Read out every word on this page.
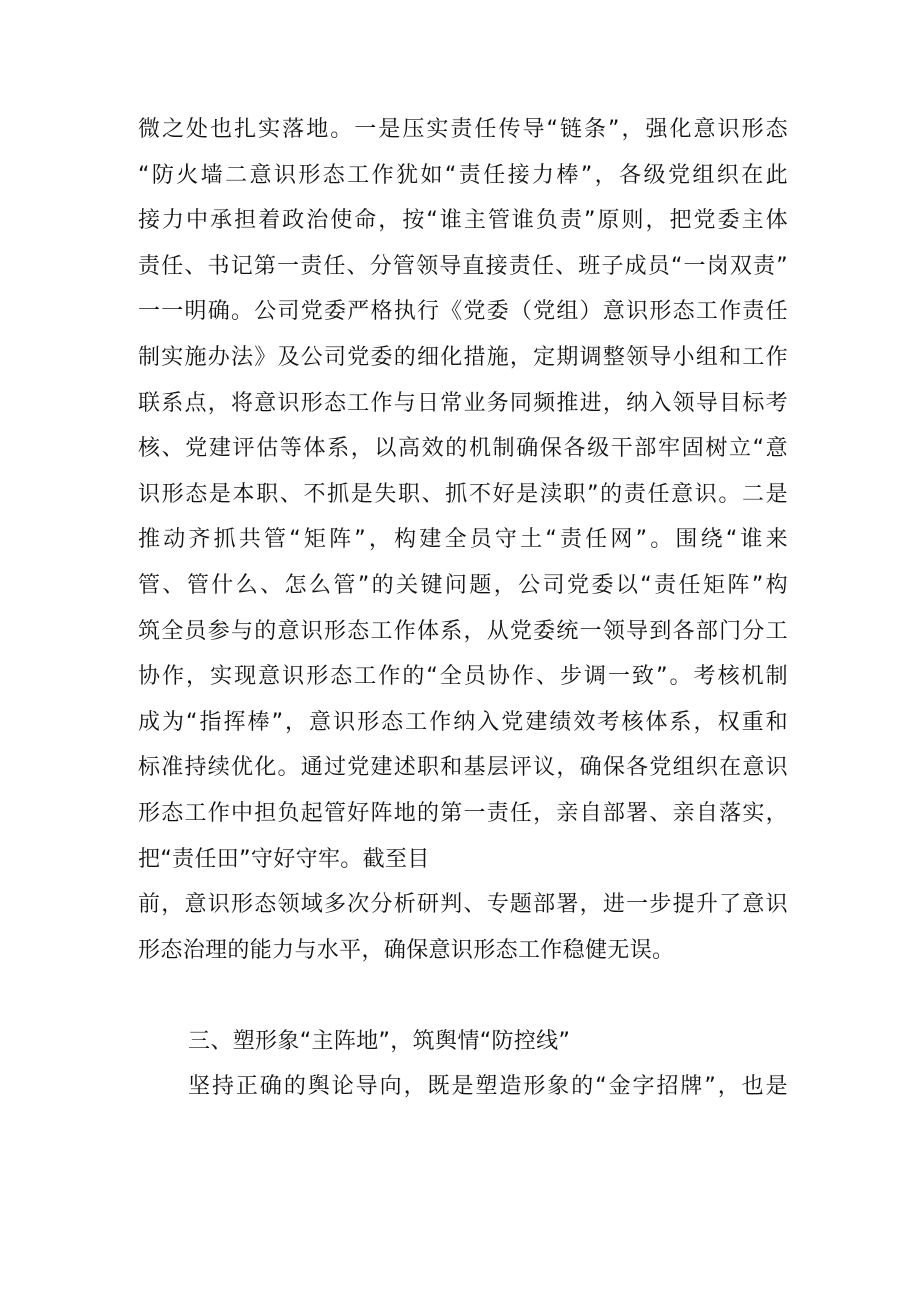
微之处也扎实落地。一是压实责任传导“链条”，强化意识形态
“防火墙二意识形态工作犹如“责任接力棒”，各级党组织在此
接力中承担着政治使命，按“谁主管谁负责”原则，把党委主体
责任、书记第一责任、分管领导直接责任、班子成员“一岗双责”
一一明确。公司党委严格执行《党委（党组）意识形态工作责任
制实施办法》及公司党委的细化措施，定期调整领导小组和工作
联系点，将意识形态工作与日常业务同频推进，纳入领导目标考
核、党建评估等体系，以高效的机制确保各级干部牢固树立“意
识形态是本职、不抓是失职、抓不好是渎职”的责任意识。二是
推动齐抓共管“矩阵”，构建全员守土“责任网”。围绕“谁来
管、管什么、怎么管”的关键问题，公司党委以“责任矩阵”构
筑全员参与的意识形态工作体系，从党委统一领导到各部门分工
协作，实现意识形态工作的“全员协作、步调一致”。考核机制
成为“指挥棒”，意识形态工作纳入党建绩效考核体系，权重和
标准持续优化。通过党建述职和基层评议，确保各党组织在意识
形态工作中担负起管好阵地的第一责任，亲自部署、亲自落实，
把“责任田”守好守牢。截至目
前，意识形态领域多次分析研判、专题部署，进一步提升了意识
形态治理的能力与水平，确保意识形态工作稳健无误。
三、塑形象“主阵地”，筑舆情“防控线”
坚持正确的舆论导向，既是塑造形象的“金字招牌”，也是
